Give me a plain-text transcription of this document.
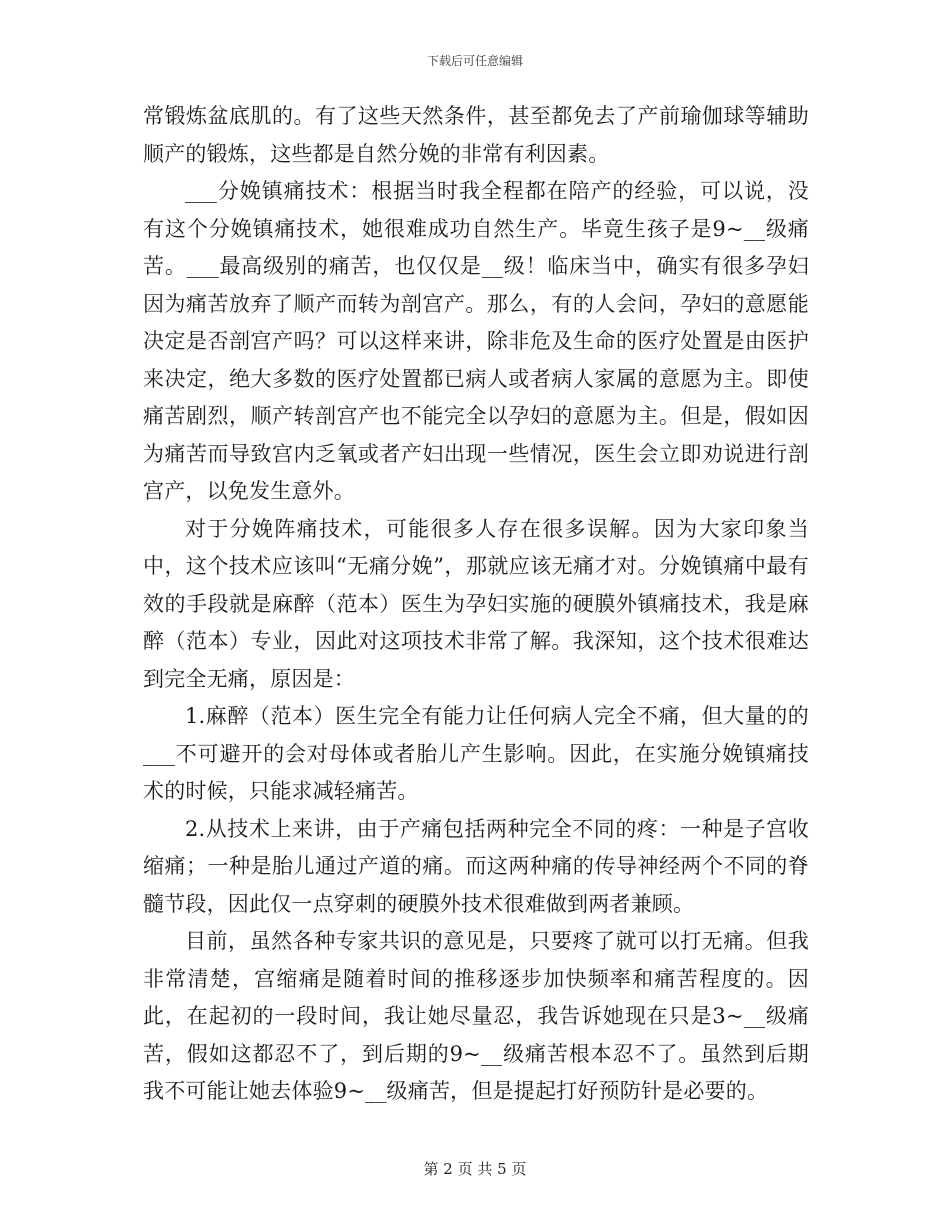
下载后可任意编辑

常锻炼盆底肌的。有了这些天然条件，甚至都免去了产前瑜伽球等辅助顺产的锻炼，这些都是自然分娩的非常有利因素。

___分娩镇痛技术：根据当时我全程都在陪产的经验，可以说，没有这个分娩镇痛技术，她很难成功自然生产。毕竟生孩子是9~__级痛苦。___最高级别的痛苦，也仅仅是__级！临床当中，确实有很多孕妇因为痛苦放弃了顺产而转为剖宫产。那么，有的人会问，孕妇的意愿能决定是否剖宫产吗？可以这样来讲，除非危及生命的医疗处置是由医护来决定，绝大多数的医疗处置都已病人或者病人家属的意愿为主。即使痛苦剧烈，顺产转剖宫产也不能完全以孕妇的意愿为主。但是，假如因为痛苦而导致宫内乏氧或者产妇出现一些情况，医生会立即劝说进行剖宫产，以免发生意外。

对于分娩阵痛技术，可能很多人存在很多误解。因为大家印象当中，这个技术应该叫“无痛分娩”，那就应该无痛才对。分娩镇痛中最有效的手段就是麻醉（范本）医生为孕妇实施的硬膜外镇痛技术，我是麻醉（范本）专业，因此对这项技术非常了解。我深知，这个技术很难达到完全无痛，原因是：

1.麻醉（范本）医生完全有能力让任何病人完全不痛，但大量的的___不可避开的会对母体或者胎儿产生影响。因此，在实施分娩镇痛技术的时候，只能求减轻痛苦。

2.从技术上来讲，由于产痛包括两种完全不同的疼：一种是子宫收缩痛；一种是胎儿通过产道的痛。而这两种痛的传导神经两个不同的脊髓节段，因此仅一点穿刺的硬膜外技术很难做到两者兼顾。

目前，虽然各种专家共识的意见是，只要疼了就可以打无痛。但我非常清楚，宫缩痛是随着时间的推移逐步加快频率和痛苦程度的。因此，在起初的一段时间，我让她尽量忍，我告诉她现在只是3~__级痛苦，假如这都忍不了，到后期的9~__级痛苦根本忍不了。虽然到后期我不可能让她去体验9~__级痛苦，但是提起打好预防针是必要的。

第 2 页 共 5 页
